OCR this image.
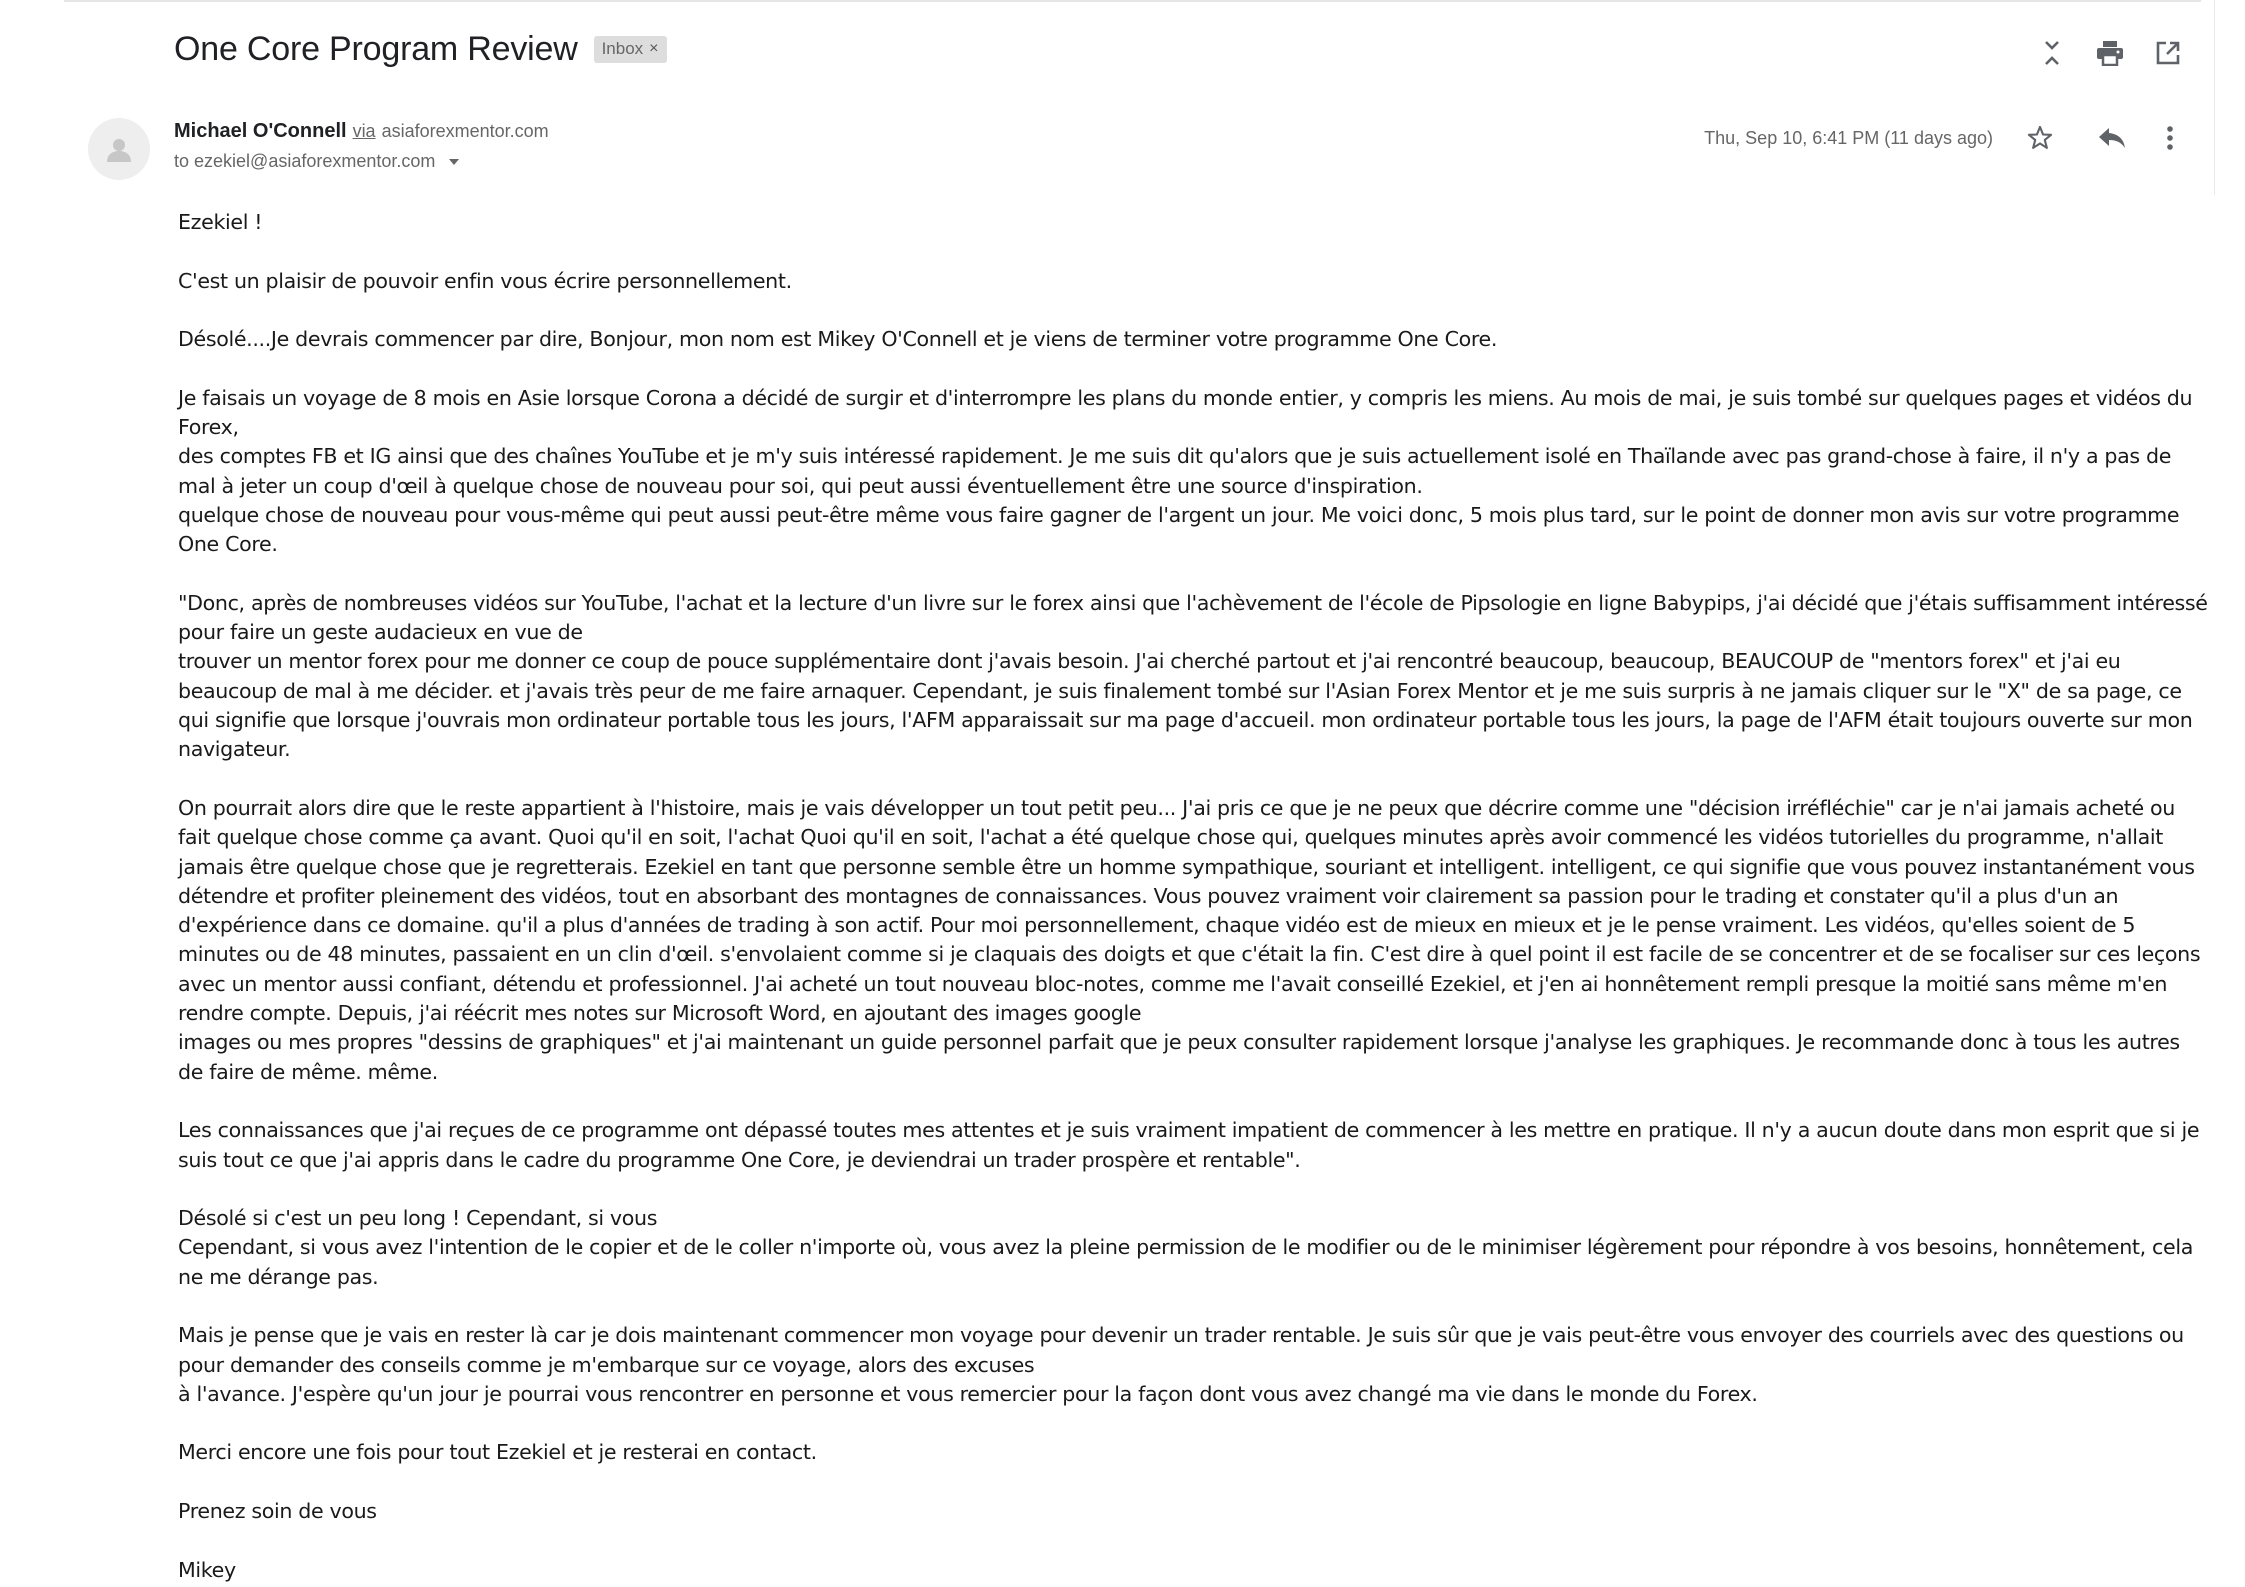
One Core Program Review Inbox ×
Michael O'Connell via asiaforexmentor.com
to ezekiel@asiaforexmentor.com
Thu, Sep 10, 6:41 PM (11 days ago)

Ezekiel !

C'est un plaisir de pouvoir enfin vous écrire personnellement.

Désolé....Je devrais commencer par dire, Bonjour, mon nom est Mikey O'Connell et je viens de terminer votre programme One Core.

Je faisais un voyage de 8 mois en Asie lorsque Corona a décidé de surgir et d'interrompre les plans du monde entier, y compris les miens. Au mois de mai, je suis tombé sur quelques pages et vidéos du Forex,
des comptes FB et IG ainsi que des chaînes YouTube et je m'y suis intéressé rapidement. Je me suis dit qu'alors que je suis actuellement isolé en Thaïlande avec pas grand-chose à faire, il n'y a pas de mal à jeter un coup d'œil à quelque chose de nouveau pour soi, qui peut aussi éventuellement être une source d'inspiration.
quelque chose de nouveau pour vous-même qui peut aussi peut-être même vous faire gagner de l'argent un jour. Me voici donc, 5 mois plus tard, sur le point de donner mon avis sur votre programme One Core.

"Donc, après de nombreuses vidéos sur YouTube, l'achat et la lecture d'un livre sur le forex ainsi que l'achèvement de l'école de Pipsologie en ligne Babypips, j'ai décidé que j'étais suffisamment intéressé pour faire un geste audacieux en vue de
trouver un mentor forex pour me donner ce coup de pouce supplémentaire dont j'avais besoin. J'ai cherché partout et j'ai rencontré beaucoup, beaucoup, BEAUCOUP de "mentors forex" et j'ai eu beaucoup de mal à me décider. et j'avais très peur de me faire arnaquer. Cependant, je suis finalement tombé sur l'Asian Forex Mentor et je me suis surpris à ne jamais cliquer sur le "X" de sa page, ce qui signifie que lorsque j'ouvrais mon ordinateur portable tous les jours, l'AFM apparaissait sur ma page d'accueil. mon ordinateur portable tous les jours, la page de l'AFM était toujours ouverte sur mon navigateur.

On pourrait alors dire que le reste appartient à l'histoire, mais je vais développer un tout petit peu... J'ai pris ce que je ne peux que décrire comme une "décision irréfléchie" car je n'ai jamais acheté ou fait quelque chose comme ça avant. Quoi qu'il en soit, l'achat Quoi qu'il en soit, l'achat a été quelque chose qui, quelques minutes après avoir commencé les vidéos tutorielles du programme, n'allait jamais être quelque chose que je regretterais. Ezekiel en tant que personne semble être un homme sympathique, souriant et intelligent. intelligent, ce qui signifie que vous pouvez instantanément vous détendre et profiter pleinement des vidéos, tout en absorbant des montagnes de connaissances. Vous pouvez vraiment voir clairement sa passion pour le trading et constater qu'il a plus d'un an d'expérience dans ce domaine. qu'il a plus d'années de trading à son actif. Pour moi personnellement, chaque vidéo est de mieux en mieux et je le pense vraiment. Les vidéos, qu'elles soient de 5 minutes ou de 48 minutes, passaient en un clin d'œil. s'envolaient comme si je claquais des doigts et que c'était la fin. C'est dire à quel point il est facile de se concentrer et de se focaliser sur ces leçons avec un mentor aussi confiant, détendu et professionnel. J'ai acheté un tout nouveau bloc-notes, comme me l'avait conseillé Ezekiel, et j'en ai honnêtement rempli presque la moitié sans même m'en rendre compte. Depuis, j'ai réécrit mes notes sur Microsoft Word, en ajoutant des images google
images ou mes propres "dessins de graphiques" et j'ai maintenant un guide personnel parfait que je peux consulter rapidement lorsque j'analyse les graphiques. Je recommande donc à tous les autres de faire de même. même.

Les connaissances que j'ai reçues de ce programme ont dépassé toutes mes attentes et je suis vraiment impatient de commencer à les mettre en pratique. Il n'y a aucun doute dans mon esprit que si je suis tout ce que j'ai appris dans le cadre du programme One Core, je deviendrai un trader prospère et rentable".

Désolé si c'est un peu long ! Cependant, si vous
Cependant, si vous avez l'intention de le copier et de le coller n'importe où, vous avez la pleine permission de le modifier ou de le minimiser légèrement pour répondre à vos besoins, honnêtement, cela ne me dérange pas.

Mais je pense que je vais en rester là car je dois maintenant commencer mon voyage pour devenir un trader rentable. Je suis sûr que je vais peut-être vous envoyer des courriels avec des questions ou pour demander des conseils comme je m'embarque sur ce voyage, alors des excuses
à l'avance. J'espère qu'un jour je pourrai vous rencontrer en personne et vous remercier pour la façon dont vous avez changé ma vie dans le monde du Forex.

Merci encore une fois pour tout Ezekiel et je resterai en contact.

Prenez soin de vous

Mikey
